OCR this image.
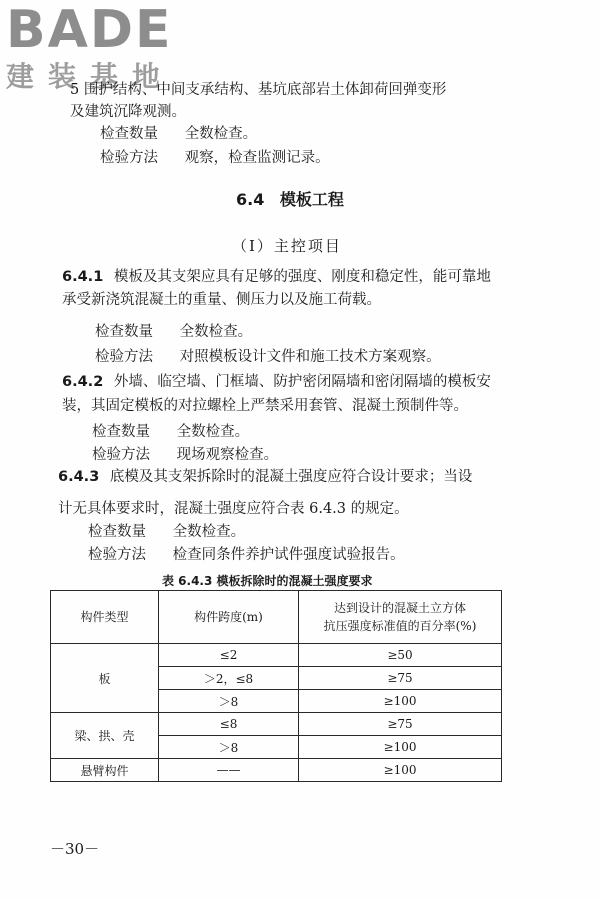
BADE
建装基地
5 围护结构、中间支承结构、基坑底部岩土体卸荷回弹变形
及建筑沉降观测。
检查数量 全数检查。
检验方法 观察，检查监测记录。
6.4 模板工程
（Ⅰ）主控项目
6.4.1 模板及其支架应具有足够的强度、刚度和稳定性，能可靠地
承受新浇筑混凝土的重量、侧压力以及施工荷载。
检查数量 全数检查。
检验方法 对照模板设计文件和施工技术方案观察。
6.4.2 外墙、临空墙、门框墙、防护密闭隔墙和密闭隔墙的模板安
装，其固定模板的对拉螺栓上严禁采用套管、混凝土预制件等。
检查数量 全数检查。
检验方法 现场观察检查。
6.4.3 底模及其支架拆除时的混凝土强度应符合设计要求；当设
计无具体要求时，混凝土强度应符合表 6.4.3 的规定。
检查数量 全数检查。
检验方法 检查同条件养护试件强度试验报告。
表 6.4.3 模板拆除时的混凝土强度要求
构件类型	构件跨度(m)	达到设计的混凝土立方体
抗压强度标准值的百分率(%)

板	≤2	≥50
	＞2，≤8	≥75
	＞8	≥100
梁、拱、壳	≤8	≥75
	＞8	≥100
悬臂构件	——	≥100
－30－
